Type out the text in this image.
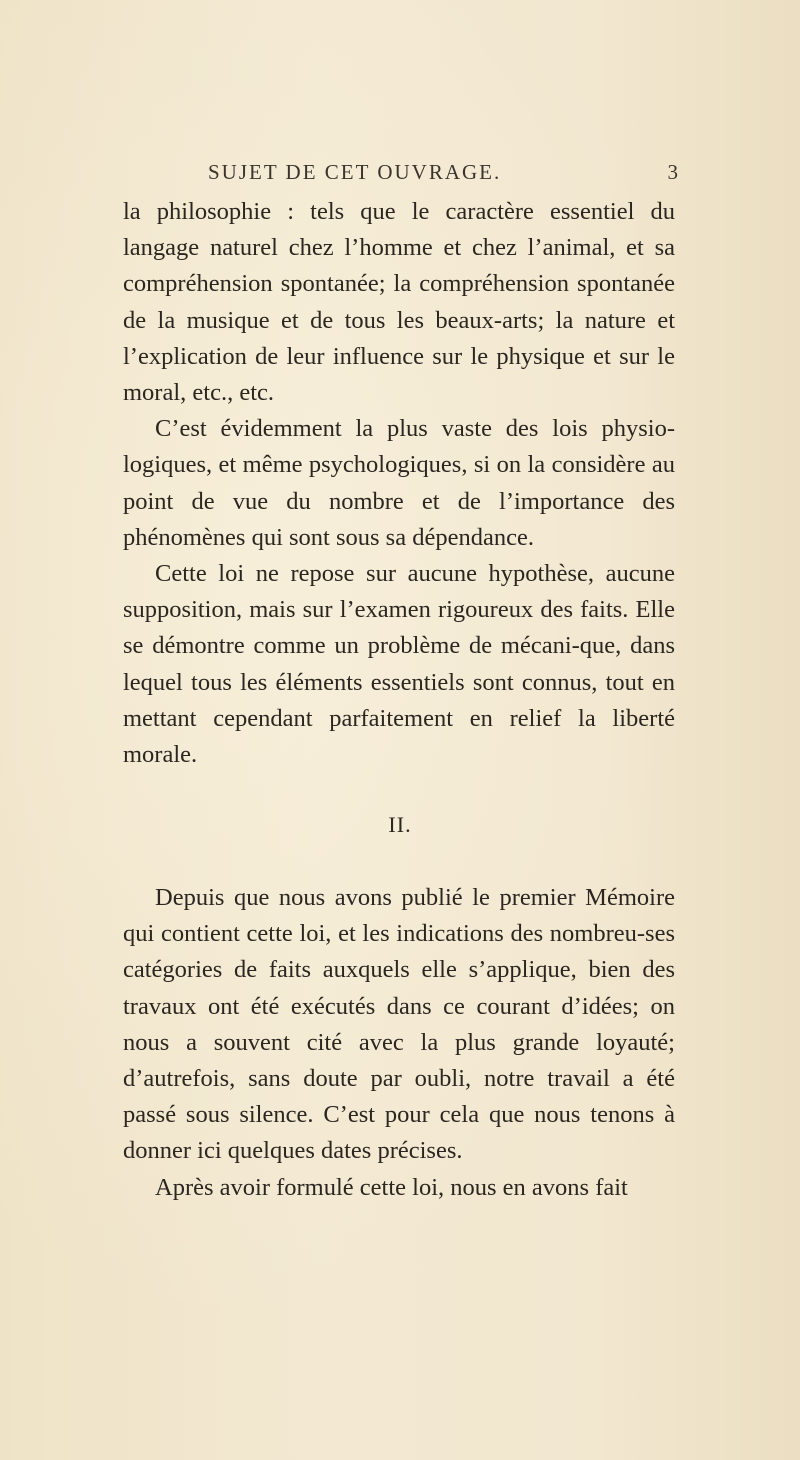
SUJET DE CET OUVRAGE.	3

la philosophie : tels que le caractère essentiel du langage naturel chez l’homme et chez l’animal, et sa compréhension spontanée; la compréhension spontanée de la musique et de tous les beaux-arts; la nature et l’explication de leur influence sur le physique et sur le moral, etc., etc.

C’est évidemment la plus vaste des lois physio-logiques, et même psychologiques, si on la considère au point de vue du nombre et de l’importance des phénomènes qui sont sous sa dépendance.

Cette loi ne repose sur aucune hypothèse, aucune supposition, mais sur l’examen rigoureux des faits. Elle se démontre comme un problème de mécani-que, dans lequel tous les éléments essentiels sont connus, tout en mettant cependant parfaitement en relief la liberté morale.

II.

Depuis que nous avons publié le premier Mémoire qui contient cette loi, et les indications des nombreu-ses catégories de faits auxquels elle s’applique, bien des travaux ont été exécutés dans ce courant d’idées; on nous a souvent cité avec la plus grande loyauté; d’autrefois, sans doute par oubli, notre travail a été passé sous silence. C’est pour cela que nous tenons à donner ici quelques dates précises.

Après avoir formulé cette loi, nous en avons fait
